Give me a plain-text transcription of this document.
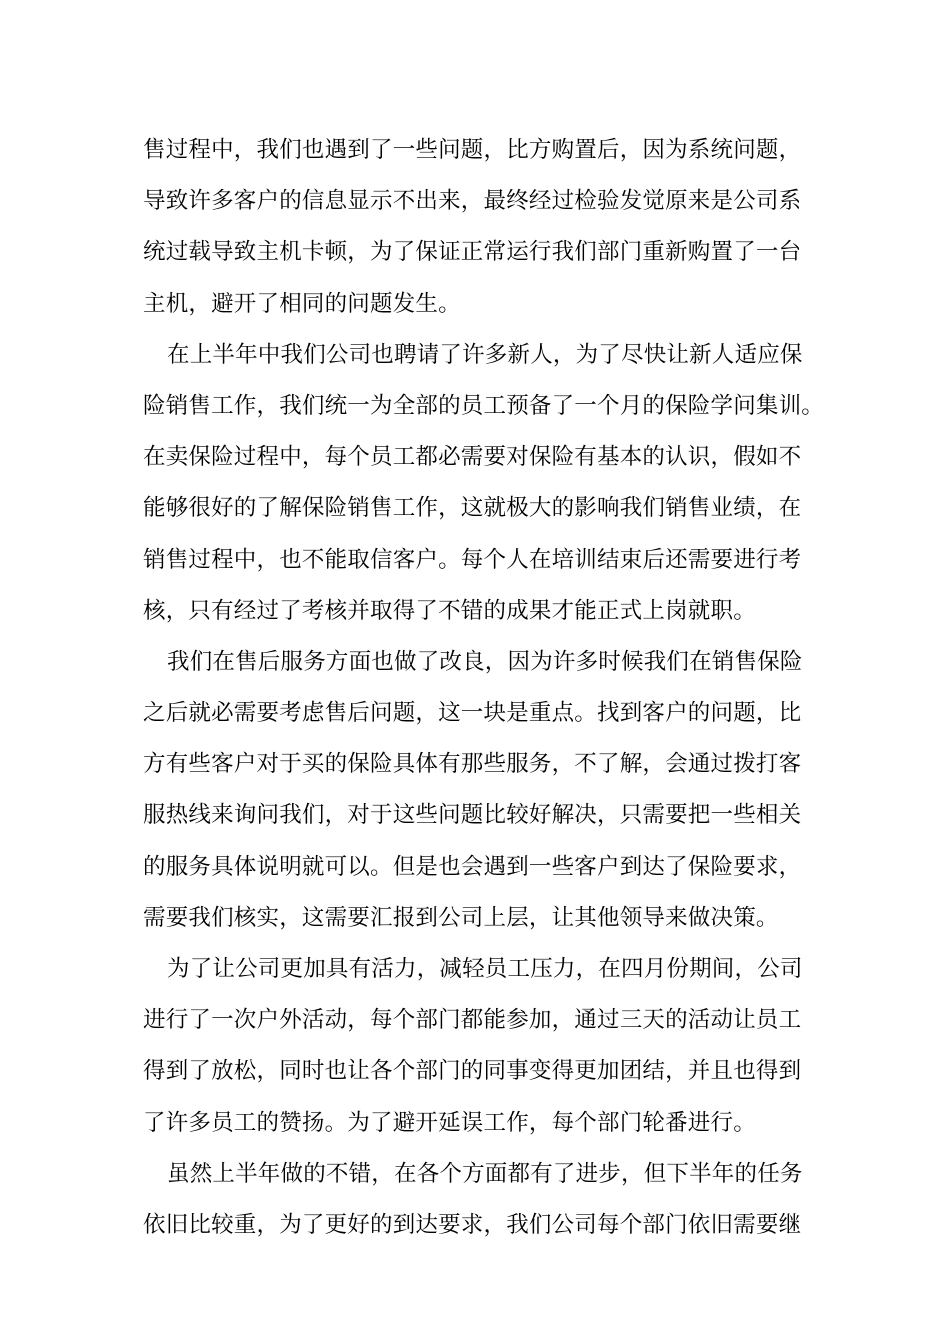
售过程中，我们也遇到了一些问题，比方购置后，因为系统问题，
导致许多客户的信息显示不出来，最终经过检验发觉原来是公司系
统过载导致主机卡顿，为了保证正常运行我们部门重新购置了一台
主机，避开了相同的问题发生。
在上半年中我们公司也聘请了许多新人，为了尽快让新人适应保
险销售工作，我们统一为全部的员工预备了一个月的保险学问集训。
在卖保险过程中，每个员工都必需要对保险有基本的认识，假如不
能够很好的了解保险销售工作，这就极大的影响我们销售业绩，在
销售过程中，也不能取信客户。每个人在培训结束后还需要进行考
核，只有经过了考核并取得了不错的成果才能正式上岗就职。
我们在售后服务方面也做了改良，因为许多时候我们在销售保险
之后就必需要考虑售后问题，这一块是重点。找到客户的问题，比
方有些客户对于买的保险具体有那些服务，不了解，会通过拨打客
服热线来询问我们，对于这些问题比较好解决，只需要把一些相关
的服务具体说明就可以。但是也会遇到一些客户到达了保险要求，
需要我们核实，这需要汇报到公司上层，让其他领导来做决策。
为了让公司更加具有活力，减轻员工压力，在四月份期间，公司
进行了一次户外活动，每个部门都能参加，通过三天的活动让员工
得到了放松，同时也让各个部门的同事变得更加团结，并且也得到
了许多员工的赞扬。为了避开延误工作，每个部门轮番进行。
虽然上半年做的不错，在各个方面都有了进步，但下半年的任务
依旧比较重，为了更好的到达要求，我们公司每个部门依旧需要继
